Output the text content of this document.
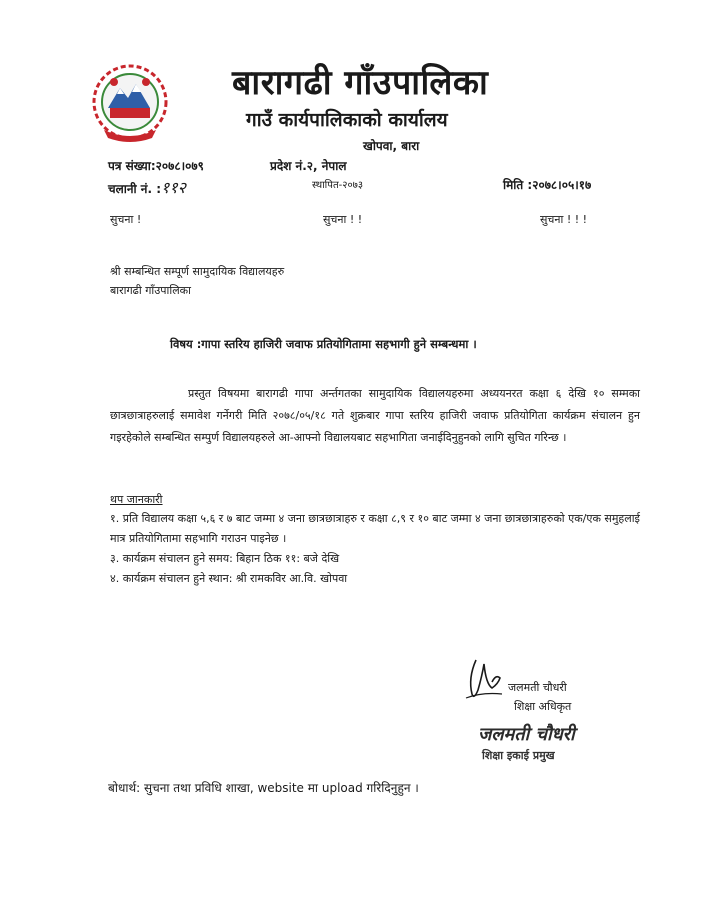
बारागढी गाँउपालिका
गाउँ कार्यपालिकाको कार्यालय
खोपवा, बारा
प्रदेश नं.२, नेपाल
पत्र संख्या:२०७८।०७९
चलानी नं. :११२	स्थापित-२०७३	मिति :२०७८।०५।१७
सुचना !	सुचना ! !	सुचना ! ! !
श्री सम्बन्धित सम्पूर्ण सामुदायिक विद्यालयहरु
बारागढी गाँउपालिका
विषय :गापा स्तरिय हाजिरी जवाफ प्रतियोगितामा सहभागी हुने सम्बन्धमा ।

प्रस्तुत विषयमा बारागढी गापा अर्न्तगतका सामुदायिक विद्यालयहरुमा अध्ययनरत कक्षा ६ देखि १० सम्मका छात्रछात्राहरुलाई समावेश गर्नेगरी मिति २०७८/०५/१८ गते शुक्रबार गापा स्तरिय हाजिरी जवाफ प्रतियोगिता कार्यक्रम संचालन हुन गइरहेकोले सम्बन्धित सम्पुर्ण विद्यालयहरुले आ-आफ्नो विद्यालयबाट सहभागिता जनाईदिनुहुनको लागि सुचित गरिन्छ ।

थप जानकारी
१. प्रति विद्यालय कक्षा ५,६ र ७ बाट जम्मा ४ जना छात्रछात्राहरु र कक्षा ८,९ र १० बाट जम्मा ४ जना छात्रछात्राहरुको एक/एक समुहलाई मात्र प्रतियोगितामा सहभागि गराउन पाइनेछ ।
३. कार्यक्रम संचालन हुने समय: बिहान ठिक ११: बजे देखि
४. कार्यक्रम संचालन हुने स्थान: श्री रामकविर आ.वि. खोपवा
जलमती चौधरी
शिक्षा अधिकृत
जलमती चौधरी
शिक्षा इकाई प्रमुख
बोधार्थ: सुचना तथा प्रविधि शाखा, website मा upload गरिदिनुहुन ।
